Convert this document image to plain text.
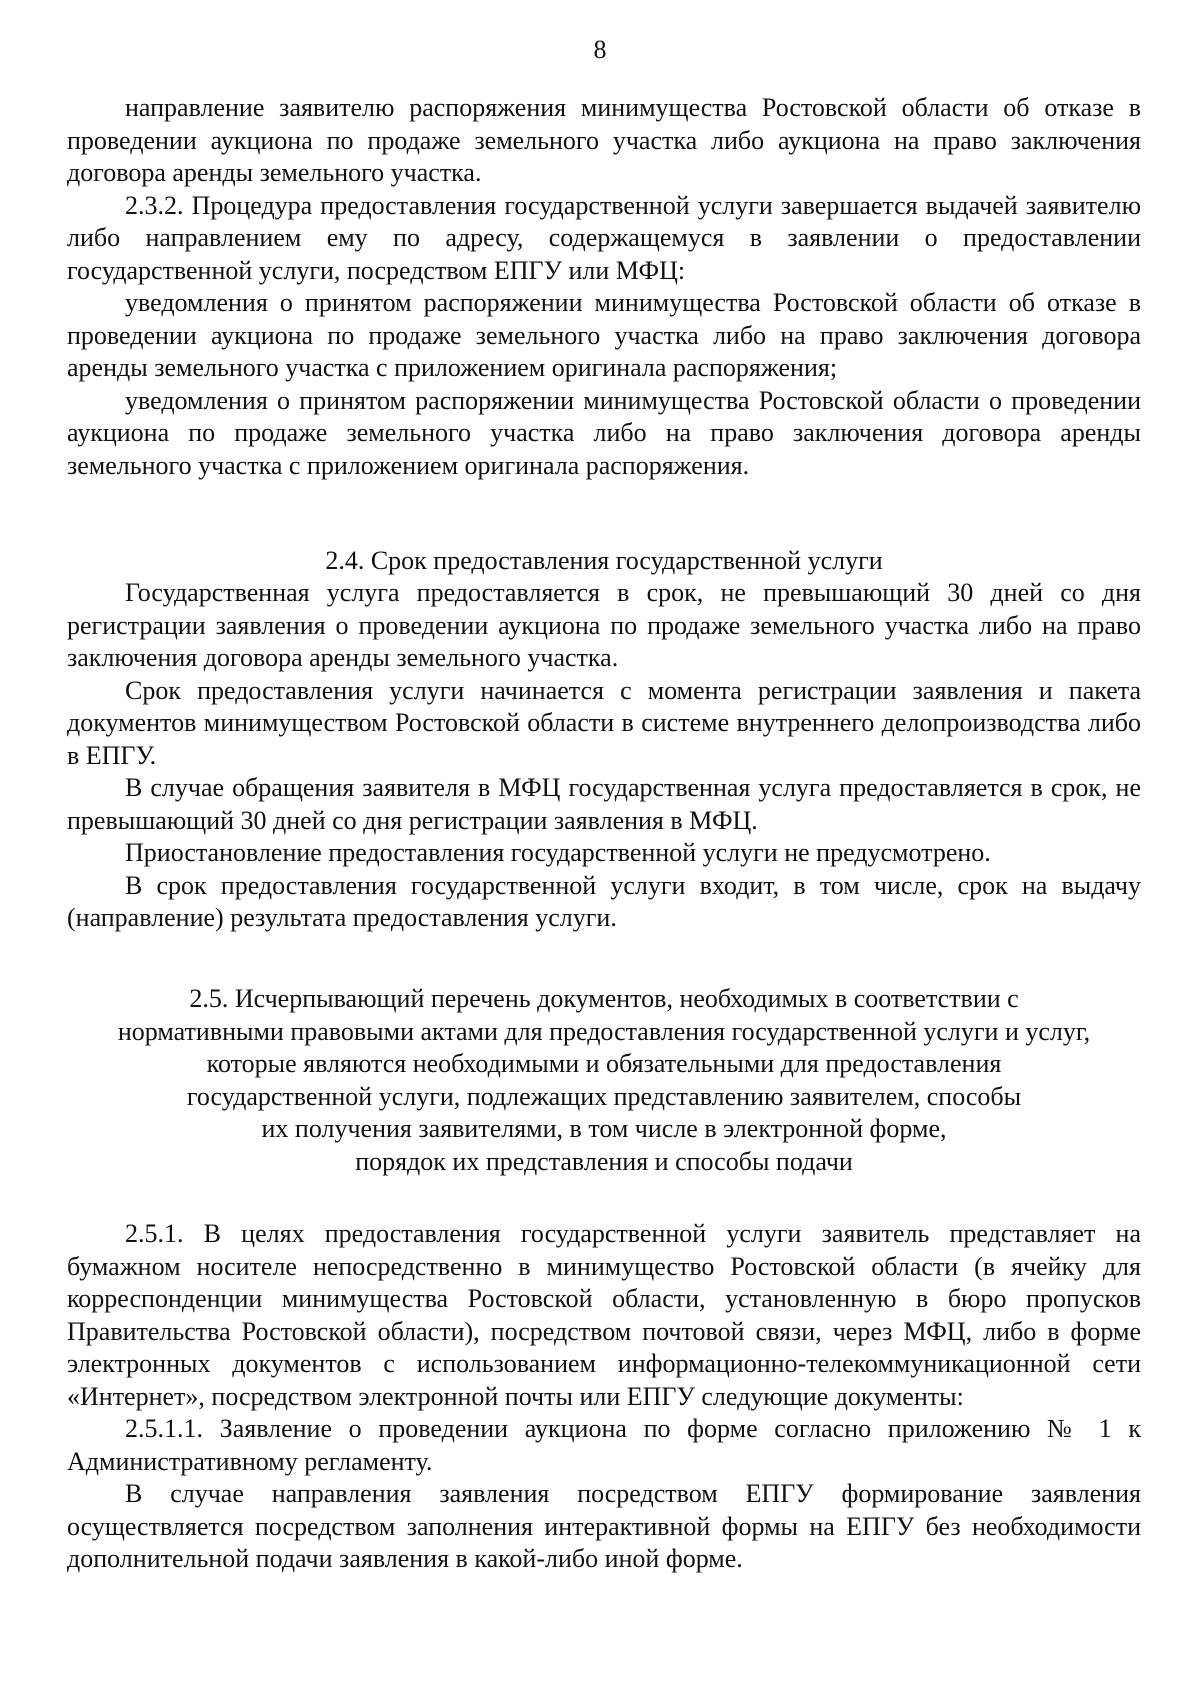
8

направление заявителю распоряжения минимущества Ростовской области об отказе в проведении аукциона по продаже земельного участка либо аукциона на право заключения договора аренды земельного участка.

2.3.2. Процедура предоставления государственной услуги завершается выдачей заявителю либо направлением ему по адресу, содержащемуся в заявлении о предоставлении государственной услуги, посредством ЕПГУ или МФЦ:

уведомления о принятом распоряжении минимущества Ростовской области об отказе в проведении аукциона по продаже земельного участка либо на право заключения договора аренды земельного участка с приложением оригинала распоряжения;

уведомления о принятом распоряжении минимущества Ростовской области о проведении аукциона по продаже земельного участка либо на право заключения договора аренды земельного участка с приложением оригинала распоряжения.

2.4. Срок предоставления государственной услуги

Государственная услуга предоставляется в срок, не превышающий 30 дней со дня регистрации заявления о проведении аукциона по продаже земельного участка либо на право заключения договора аренды земельного участка.

Срок предоставления услуги начинается с момента регистрации заявления и пакета документов минимуществом Ростовской области в системе внутреннего делопроизводства либо в ЕПГУ.

В случае обращения заявителя в МФЦ государственная услуга предоставляется в срок, не превышающий 30 дней со дня регистрации заявления в МФЦ.

Приостановление предоставления государственной услуги не предусмотрено.

В срок предоставления государственной услуги входит, в том числе, срок на выдачу (направление) результата предоставления услуги.

2.5. Исчерпывающий перечень документов, необходимых в соответствии с
нормативными правовыми актами для предоставления государственной услуги и услуг,
которые являются необходимыми и обязательными для предоставления
государственной услуги, подлежащих представлению заявителем, способы
их получения заявителями, в том числе в электронной форме,
порядок их представления и способы подачи

2.5.1. В целях предоставления государственной услуги заявитель представляет на бумажном носителе непосредственно в минимущество Ростовской области (в ячейку для корреспонденции минимущества Ростовской области, установленную в бюро пропусков Правительства Ростовской области), посредством почтовой связи, через МФЦ, либо в форме электронных документов с использованием информационно-телекоммуникационной сети «Интернет», посредством электронной почты или ЕПГУ следующие документы:

2.5.1.1. Заявление о проведении аукциона по форме согласно приложению № 1 к Административному регламенту.

В случае направления заявления посредством ЕПГУ формирование заявления осуществляется посредством заполнения интерактивной формы на ЕПГУ без необходимости дополнительной подачи заявления в какой-либо иной форме.
